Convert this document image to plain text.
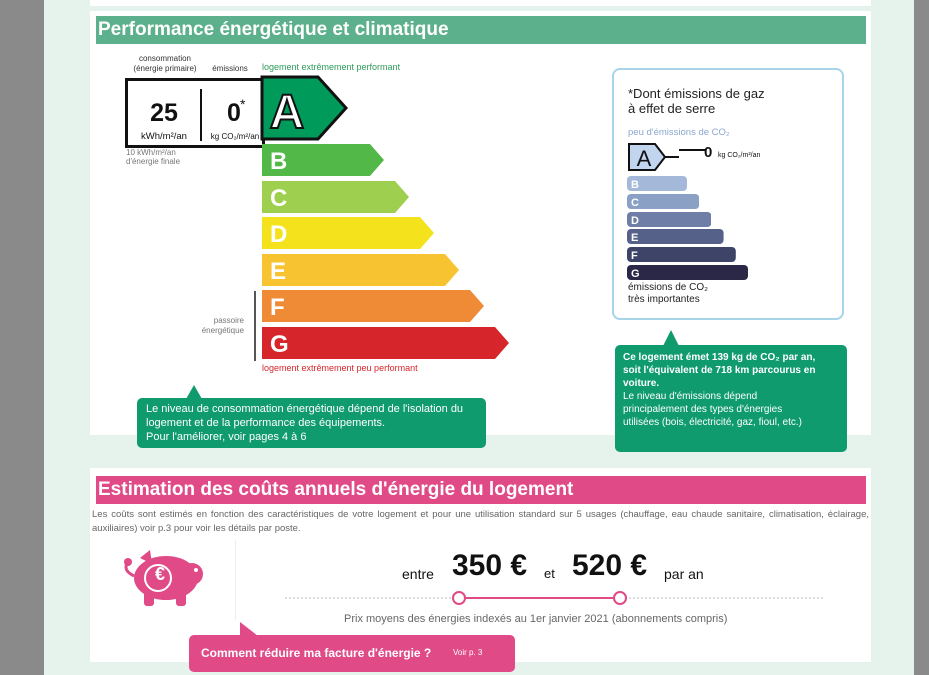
Performance énergétique et climatique
consommation
(énergie primaire)	émissions	logement extrêmement performant
25
kWh/m²/an
0 *
kg CO₂/m²/an A
10 kWh/m²/an
d'énergie finale	B
C
D
E
F
G
passoire
énergétique
logement extrêmement peu performant
*Dont émissions de gaz
à effet de serre
peu d'émissions de CO₂
A	0 kg CO₂/m²/an
B
C
D
E
F
G
émissions de CO₂
très importantes
Le niveau de consommation énergétique dépend de l'isolation du
logement et de la performance des équipements.
Pour l'améliorer, voir pages 4 à 6
Ce logement émet 139 kg de CO₂ par an,
soit l'équivalent de 718 km parcourus en
voiture.
Le niveau d'émissions dépend
principalement des types d'énergies
utilisées (bois, électricité, gaz, fioul, etc.)
Estimation des coûts annuels d'énergie du logement
Les coûts sont estimés en fonction des caractéristiques de votre logement et pour une utilisation standard sur 5 usages (chauffage, eau chaude sanitaire, climatisation, éclairage, auxiliaires) voir p.3 pour voir les détails par poste.
€	entre 350 € et 520 € par an
Prix moyens des énergies indexés au 1er janvier 2021 (abonnements compris)
Comment réduire ma facture d'énergie ?	Voir p. 3
